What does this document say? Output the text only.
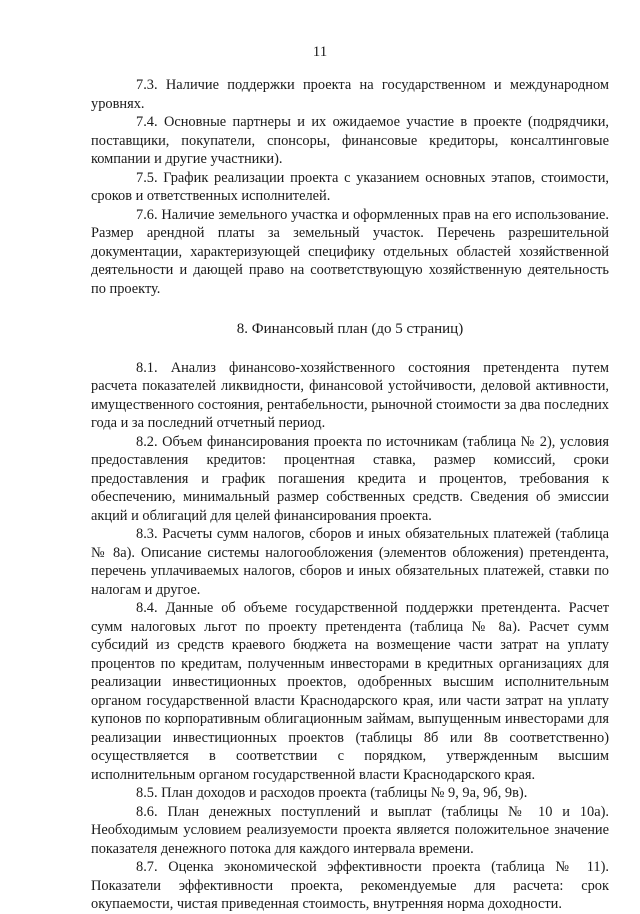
11

7.3. Наличие поддержки проекта на государственном и международном уровнях.

7.4. Основные партнеры и их ожидаемое участие в проекте (подрядчики, поставщики, покупатели, спонсоры, финансовые кредиторы, консалтинговые компании и другие участники).

7.5. График реализации проекта с указанием основных этапов, стоимости, сроков и ответственных исполнителей.

7.6. Наличие земельного участка и оформленных прав на его использование. Размер арендной платы за земельный участок. Перечень разрешительной документации, характеризующей специфику отдельных областей хозяйственной деятельности и дающей право на соответствующую хозяйственную деятельность по проекту.

8. Финансовый план (до 5 страниц)

8.1. Анализ финансово-хозяйственного состояния претендента путем расчета показателей ликвидности, финансовой устойчивости, деловой активности, имущественного состояния, рентабельности, рыночной стоимости за два последних года и за последний отчетный период.

8.2. Объем финансирования проекта по источникам (таблица № 2), условия предоставления кредитов: процентная ставка, размер комиссий, сроки предоставления и график погашения кредита и процентов, требования к обеспечению, минимальный размер собственных средств. Сведения об эмиссии акций и облигаций для целей финансирования проекта.

8.3. Расчеты сумм налогов, сборов и иных обязательных платежей (таблица № 8а). Описание системы налогообложения (элементов обложения) претендента, перечень уплачиваемых налогов, сборов и иных обязательных платежей, ставки по налогам и другое.

8.4. Данные об объеме государственной поддержки претендента. Расчет сумм налоговых льгот по проекту претендента (таблица № 8а). Расчет сумм субсидий из средств краевого бюджета на возмещение части затрат на уплату процентов по кредитам, полученным инвесторами в кредитных организациях для реализации инвестиционных проектов, одобренных высшим исполнительным органом государственной власти Краснодарского края, или части затрат на уплату купонов по корпоративным облигационным займам, выпущенным инвесторами для реализации инвестиционных проектов (таблицы 8б или 8в соответственно) осуществляется в соответствии с порядком, утвержденным высшим исполнительным органом государственной власти Краснодарского края.

8.5. План доходов и расходов проекта (таблицы № 9, 9а, 9б, 9в).

8.6. План денежных поступлений и выплат (таблицы № 10 и 10а). Необходимым условием реализуемости проекта является положительное значение показателя денежного потока для каждого интервала времени.

8.7. Оценка экономической эффективности проекта (таблица № 11). Показатели эффективности проекта, рекомендуемые для расчета: срок окупаемости, чистая приведенная стоимость, внутренняя норма доходности.
